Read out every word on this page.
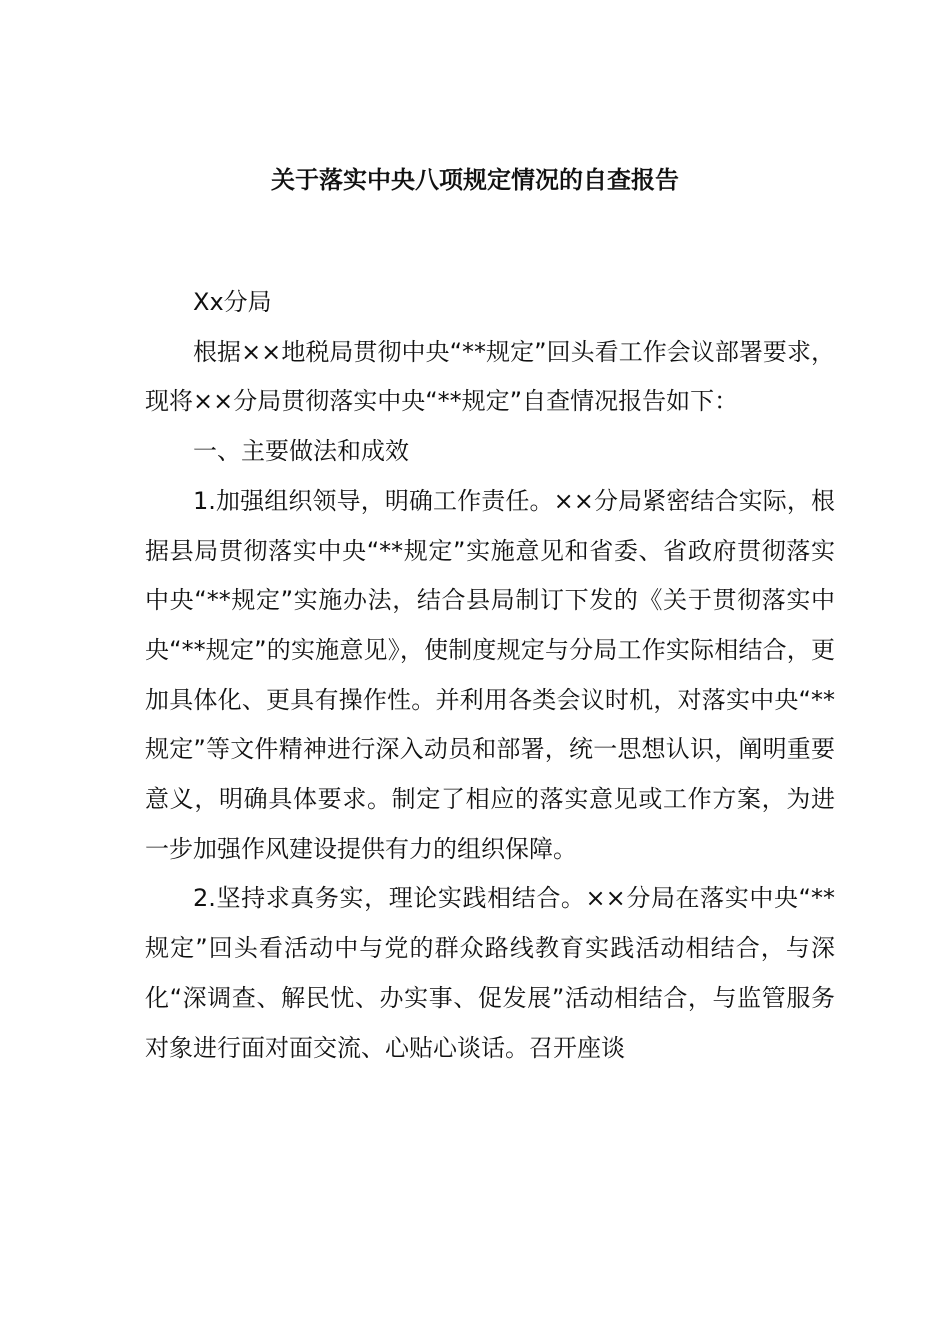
关于落实中央八项规定情况的自查报告

Xx分局

根据××地税局贯彻中央“**规定”回头看工作会议部署要求，现将××分局贯彻落实中央“**规定”自查情况报告如下：

一、主要做法和成效

1.加强组织领导，明确工作责任。××分局紧密结合实际，根据县局贯彻落实中央“**规定”实施意见和省委、省政府贯彻落实中央“**规定”实施办法，结合县局制订下发的《关于贯彻落实中央“**规定”的实施意见》，使制度规定与分局工作实际相结合，更加具体化、更具有操作性。并利用各类会议时机，对落实中央“**规定”等文件精神进行深入动员和部署，统一思想认识，阐明重要意义，明确具体要求。制定了相应的落实意见或工作方案，为进一步加强作风建设提供有力的组织保障。

2.坚持求真务实，理论实践相结合。××分局在落实中央“**规定”回头看活动中与党的群众路线教育实践活动相结合，与深化“深调查、解民忧、办实事、促发展”活动相结合，与监管服务对象进行面对面交流、心贴心谈话。召开座谈
